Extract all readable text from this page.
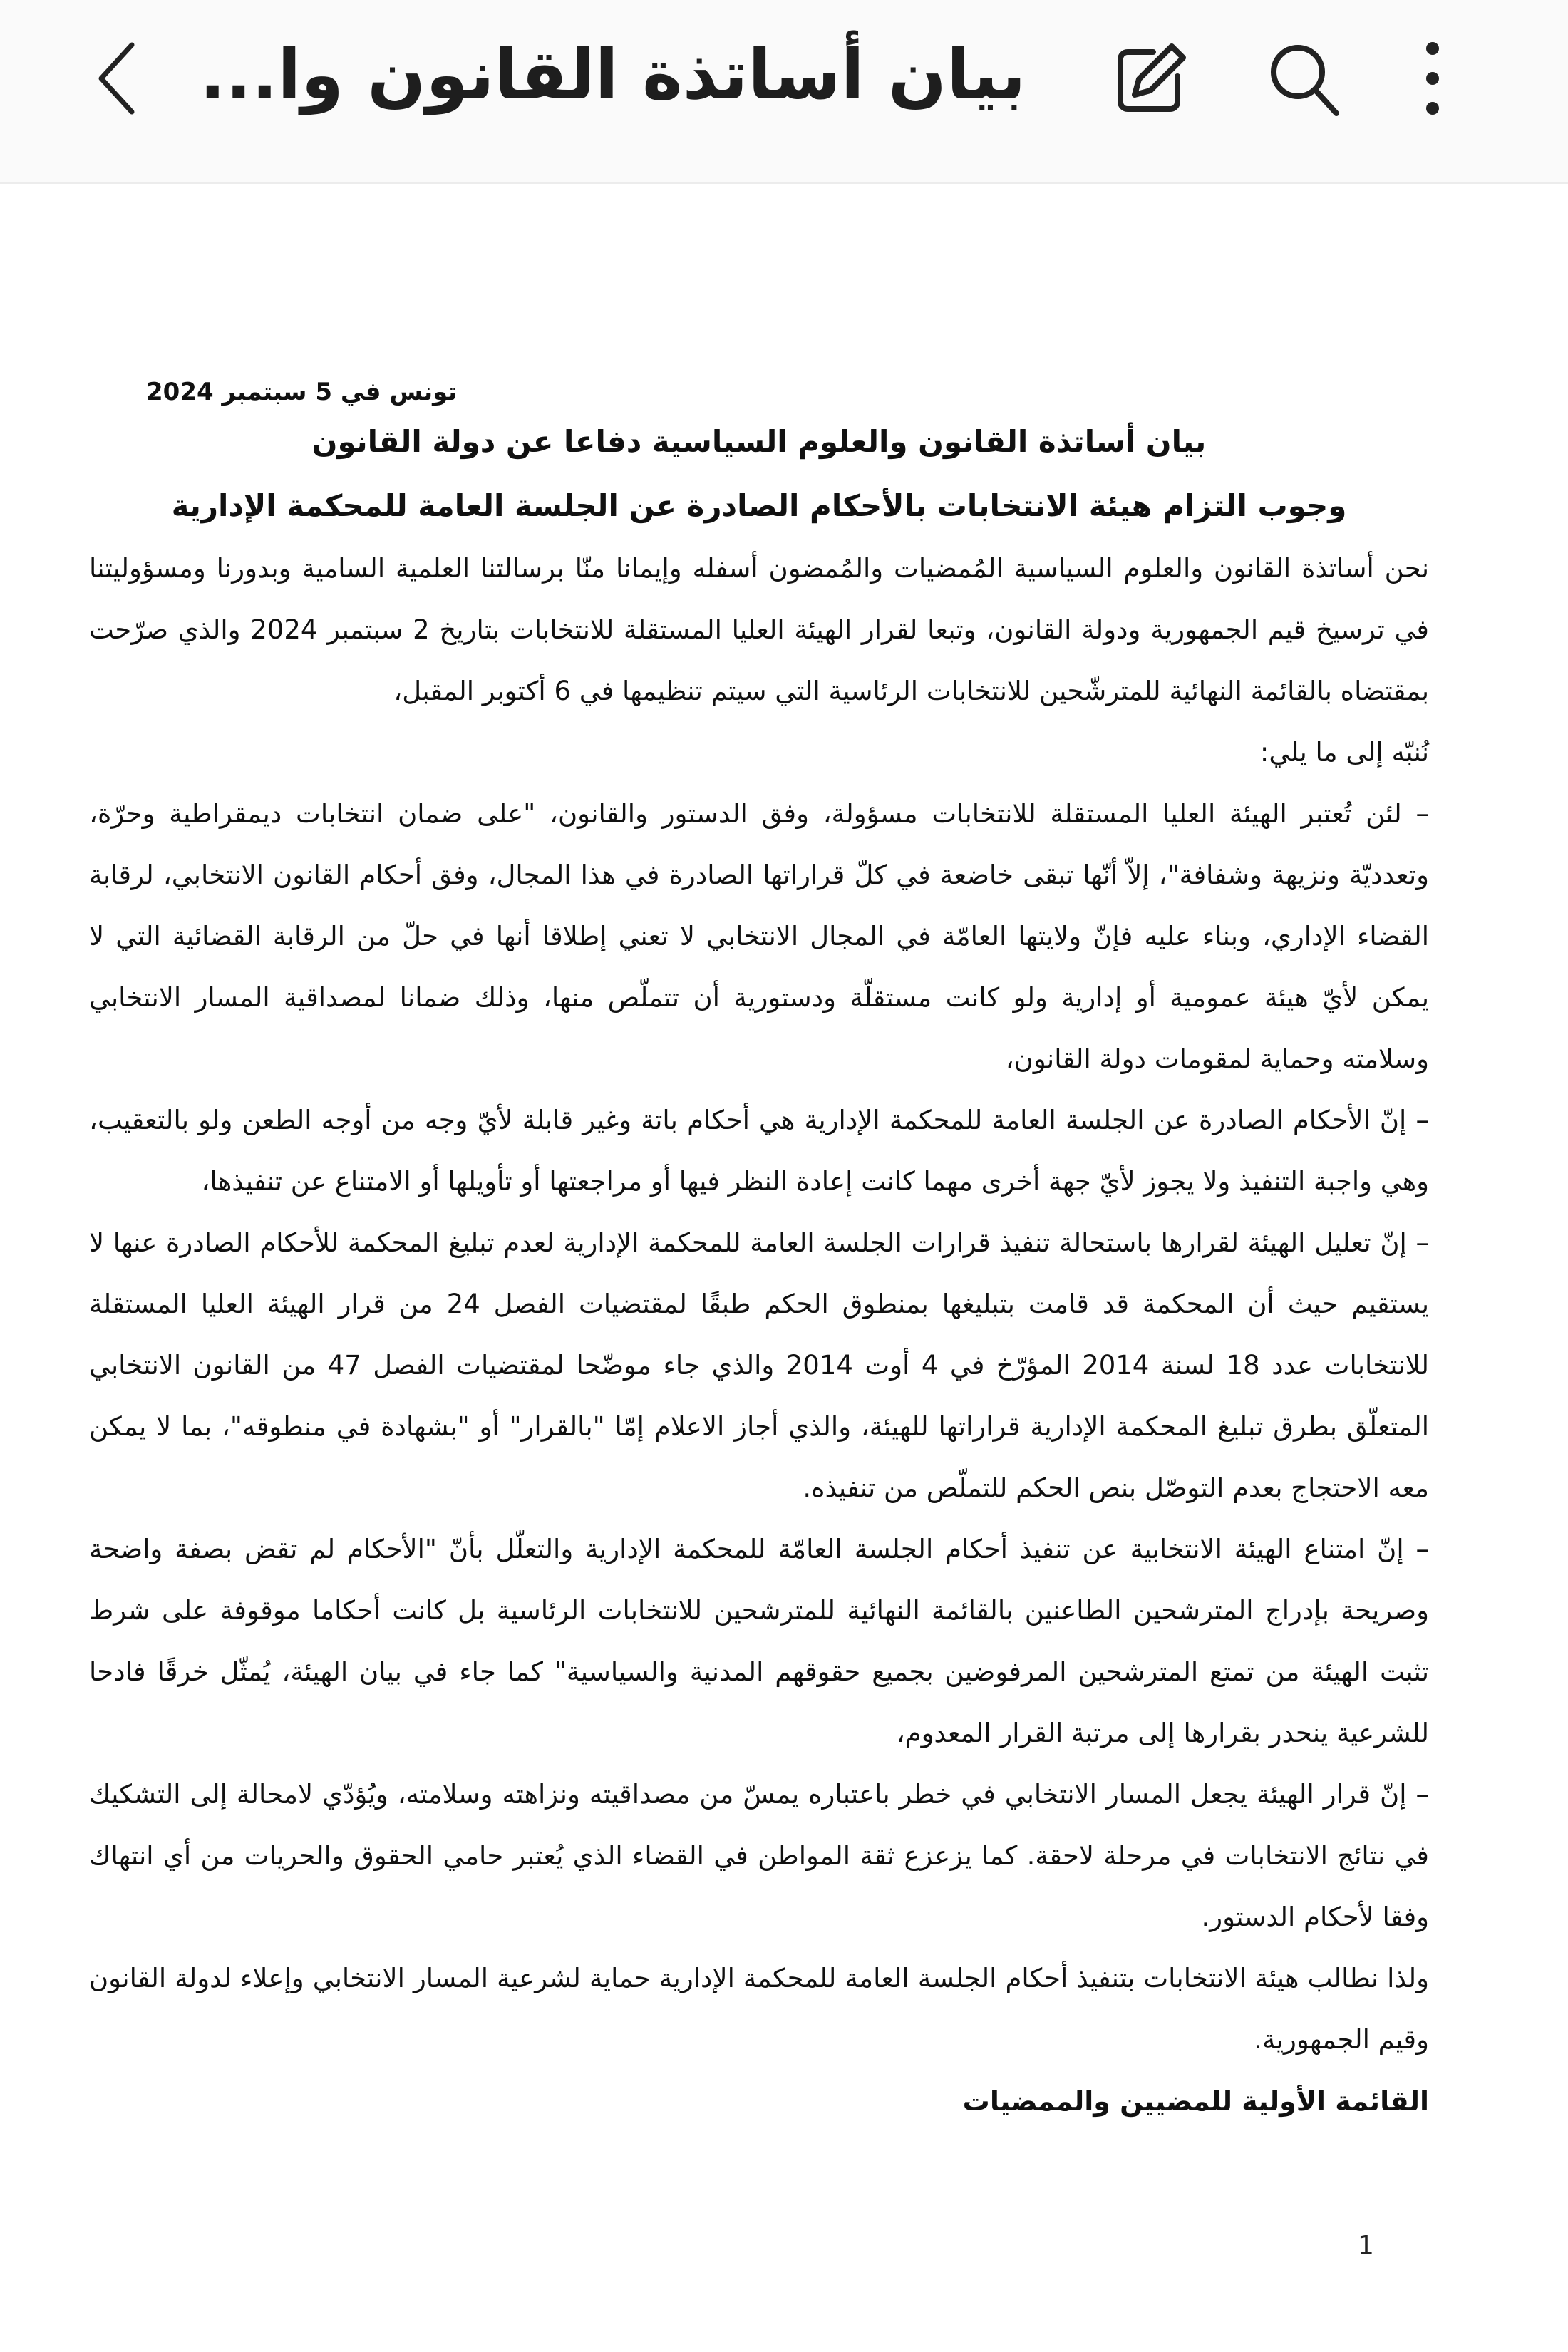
بيان أساتذة القانون وا...
تونس في 5 سبتمبر 2024
بيان أساتذة القانون والعلوم السياسية دفاعا عن دولة القانون
وجوب التزام هيئة الانتخابات بالأحكام الصادرة عن الجلسة العامة للمحكمة الإدارية
نحن أساتذة القانون والعلوم السياسية المُمضيات والمُمضون أسفله وإيمانا منّا برسالتنا العلمية السامية وبدورنا ومسؤوليتنا في ترسيخ قيم الجمهورية ودولة القانون، وتبعا لقرار الهيئة العليا المستقلة للانتخابات بتاريخ 2 سبتمبر 2024 والذي صرّحت بمقتضاه بالقائمة النهائية للمترشّحين للانتخابات الرئاسية التي سيتم تنظيمها في 6 أكتوبر المقبل،
نُنبّه إلى ما يلي:
– لئن تُعتبر الهيئة العليا المستقلة للانتخابات مسؤولة، وفق الدستور والقانون، "على ضمان انتخابات ديمقراطية وحرّة، وتعدديّة ونزيهة وشفافة"، إلاّ أنّها تبقى خاضعة في كلّ قراراتها الصادرة في هذا المجال، وفق أحكام القانون الانتخابي، لرقابة القضاء الإداري، وبناء عليه فإنّ ولايتها العامّة في المجال الانتخابي لا تعني إطلاقا أنها في حلّ من الرقابة القضائية التي لا يمكن لأيّ هيئة عمومية أو إدارية ولو كانت مستقلّة ودستورية أن تتملّص منها، وذلك ضمانا لمصداقية المسار الانتخابي وسلامته وحماية لمقومات دولة القانون،
– إنّ الأحكام الصادرة عن الجلسة العامة للمحكمة الإدارية هي أحكام باتة وغير قابلة لأيّ وجه من أوجه الطعن ولو بالتعقيب، وهي واجبة التنفيذ ولا يجوز لأيّ جهة أخرى مهما كانت إعادة النظر فيها أو مراجعتها أو تأويلها أو الامتناع عن تنفيذها،
– إنّ تعليل الهيئة لقرارها باستحالة تنفيذ قرارات الجلسة العامة للمحكمة الإدارية لعدم تبليغ المحكمة للأحكام الصادرة عنها لا يستقيم حيث أن المحكمة قد قامت بتبليغها بمنطوق الحكم طبقًا لمقتضيات الفصل 24 من قرار الهيئة العليا المستقلة للانتخابات عدد 18 لسنة 2014 المؤرّخ في 4 أوت 2014 والذي جاء موضّحا لمقتضيات الفصل 47 من القانون الانتخابي المتعلّق بطرق تبليغ المحكمة الإدارية قراراتها للهيئة، والذي أجاز الاعلام إمّا "بالقرار" أو "بشهادة في منطوقه"، بما لا يمكن معه الاحتجاج بعدم التوصّل بنص الحكم للتملّص من تنفيذه.
– إنّ امتناع الهيئة الانتخابية عن تنفيذ أحكام الجلسة العامّة للمحكمة الإدارية والتعلّل بأنّ "الأحكام لم تقض بصفة واضحة وصريحة بإدراج المترشحين الطاعنين بالقائمة النهائية للمترشحين للانتخابات الرئاسية بل كانت أحكاما موقوفة على شرط تثبت الهيئة من تمتع المترشحين المرفوضين بجميع حقوقهم المدنية والسياسية" كما جاء في بيان الهيئة، يُمثّل خرقًا فادحا للشرعية ينحدر بقرارها إلى مرتبة القرار المعدوم،
– إنّ قرار الهيئة يجعل المسار الانتخابي في خطر باعتباره يمسّ من مصداقيته ونزاهته وسلامته، ويُؤدّي لامحالة إلى التشكيك في نتائج الانتخابات في مرحلة لاحقة. كما يزعزع ثقة المواطن في القضاء الذي يُعتبر حامي الحقوق والحريات من أي انتهاك وفقا لأحكام الدستور.
ولذا نطالب هيئة الانتخابات بتنفيذ أحكام الجلسة العامة للمحكمة الإدارية حماية لشرعية المسار الانتخابي وإعلاء لدولة القانون وقيم الجمهورية.
القائمة الأولية للمضيين والممضيات
1
